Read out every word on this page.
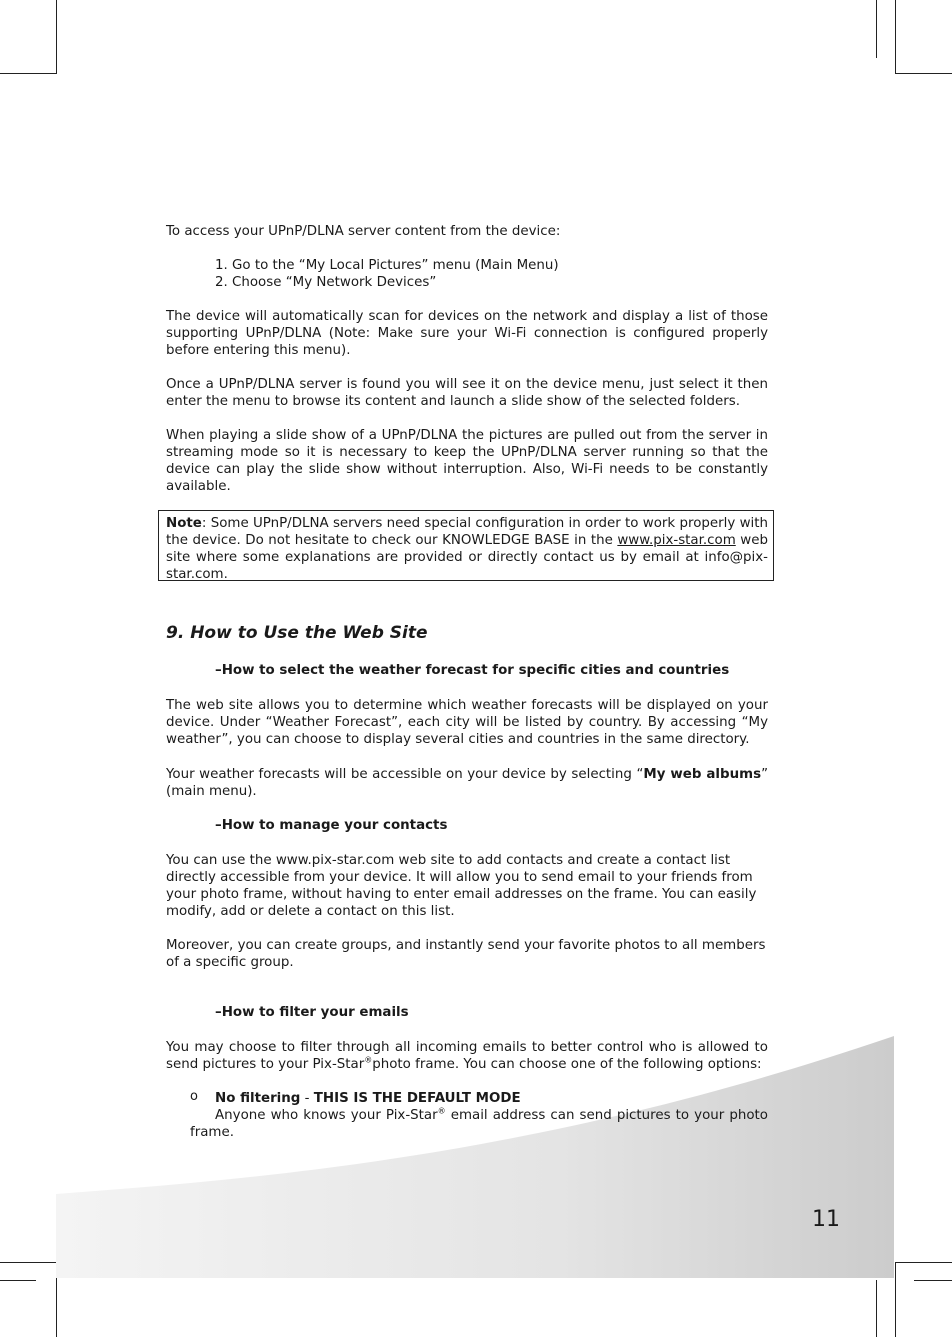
To access your UPnP/DLNA server content from the device:

1. Go to the “My Local Pictures” menu (Main Menu)
2. Choose “My Network Devices”
The device will automatically scan for devices on the network and display a list of those
supporting UPnP/DLNA (Note: Make sure your Wi-Fi connection is configured properly
before entering this menu).
Once a UPnP/DLNA server is found you will see it on the device menu, just select it then
enter the menu to browse its content and launch a slide show of the selected folders.
When playing a slide show of a UPnP/DLNA the pictures are pulled out from the server in
streaming mode so it is necessary to keep the UPnP/DLNA server running so that the
device can play the slide show without interruption. Also, Wi-Fi needs to be constantly
available.
Note: Some UPnP/DLNA servers need special configuration in order to work properly with
the device. Do not hesitate to check our KNOWLEDGE BASE in the www.pix-star.com web
site where some explanations are provided or directly contact us by email at info@pix-
star.com.
9. How to Use the Web Site

–How to select the weather forecast for specific cities and countries

The web site allows you to determine which weather forecasts will be displayed on your
device. Under “Weather Forecast”, each city will be listed by country. By accessing “My
weather”, you can choose to display several cities and countries in the same directory.
Your weather forecasts will be accessible on your device by selecting “My web albums”
(main menu).

–How to manage your contacts

You can use the www.pix-star.com web site to add contacts and create a contact list
directly accessible from your device. It will allow you to send email to your friends from
your photo frame, without having to enter email addresses on the frame. You can easily
modify, add or delete a contact on this list.
Moreover, you can create groups, and instantly send your favorite photos to all members
of a specific group.

–How to filter your emails

You may choose to filter through all incoming emails to better control who is allowed to
send pictures to your Pix-Star®photo frame. You can choose one of the following options:
o No filtering - THIS IS THE DEFAULT MODE
Anyone who knows your Pix-Star® email address can send pictures to your photo
frame.
11
